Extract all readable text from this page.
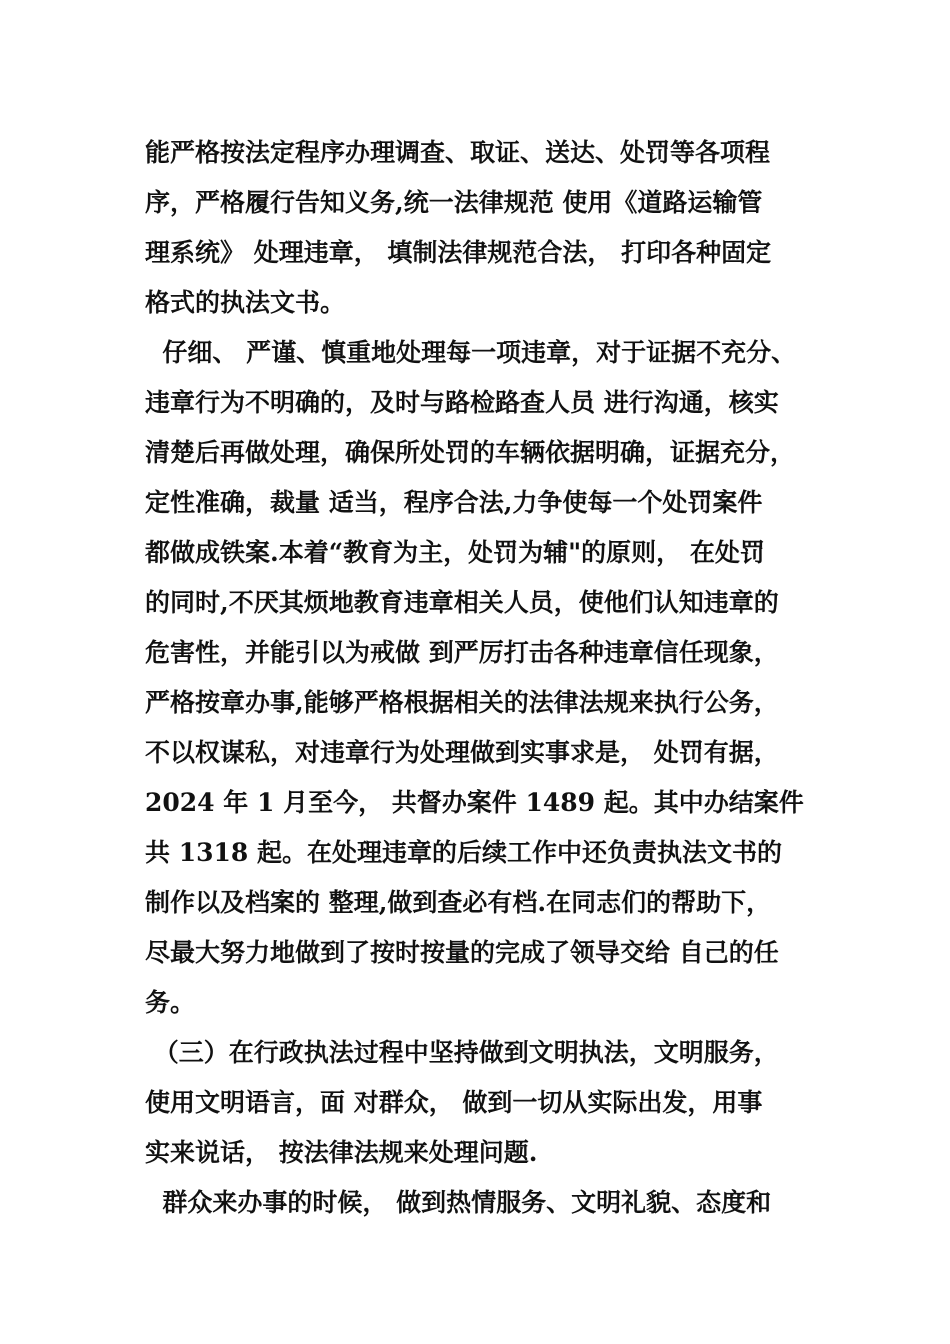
能严格按法定程序办理调查、取证、送达、处罚等各项程
序，严格履行告知义务,统一法律规范 使用《道路运输管
理系统》 处理违章， 填制法律规范合法， 打印各种固定
格式的执法文书。
仔细、 严谨、慎重地处理每一项违章，对于证据不充分、
违章行为不明确的，及时与路检路查人员 进行沟通，核实
清楚后再做处理，确保所处罚的车辆依据明确，证据充分，
定性准确，裁量 适当，程序合法,力争使每一个处罚案件
都做成铁案.本着“教育为主，处罚为辅"的原则， 在处罚
的同时,不厌其烦地教育违章相关人员，使他们认知违章的
危害性，并能引以为戒做 到严厉打击各种违章信任现象，
严格按章办事,能够严格根据相关的法律法规来执行公务，
不以权谋私，对违章行为处理做到实事求是， 处罚有据，
2024 年 1 月至今， 共督办案件 1489 起。其中办结案件
共 1318 起。在处理违章的后续工作中还负责执法文书的
制作以及档案的 整理,做到查必有档.在同志们的帮助下，
尽最大努力地做到了按时按量的完成了领导交给 自己的任
务。
（三）在行政执法过程中坚持做到文明执法，文明服务，
使用文明语言，面 对群众， 做到一切从实际出发，用事
实来说话， 按法律法规来处理问题.
群众来办事的时候， 做到热情服务、文明礼貌、态度和
